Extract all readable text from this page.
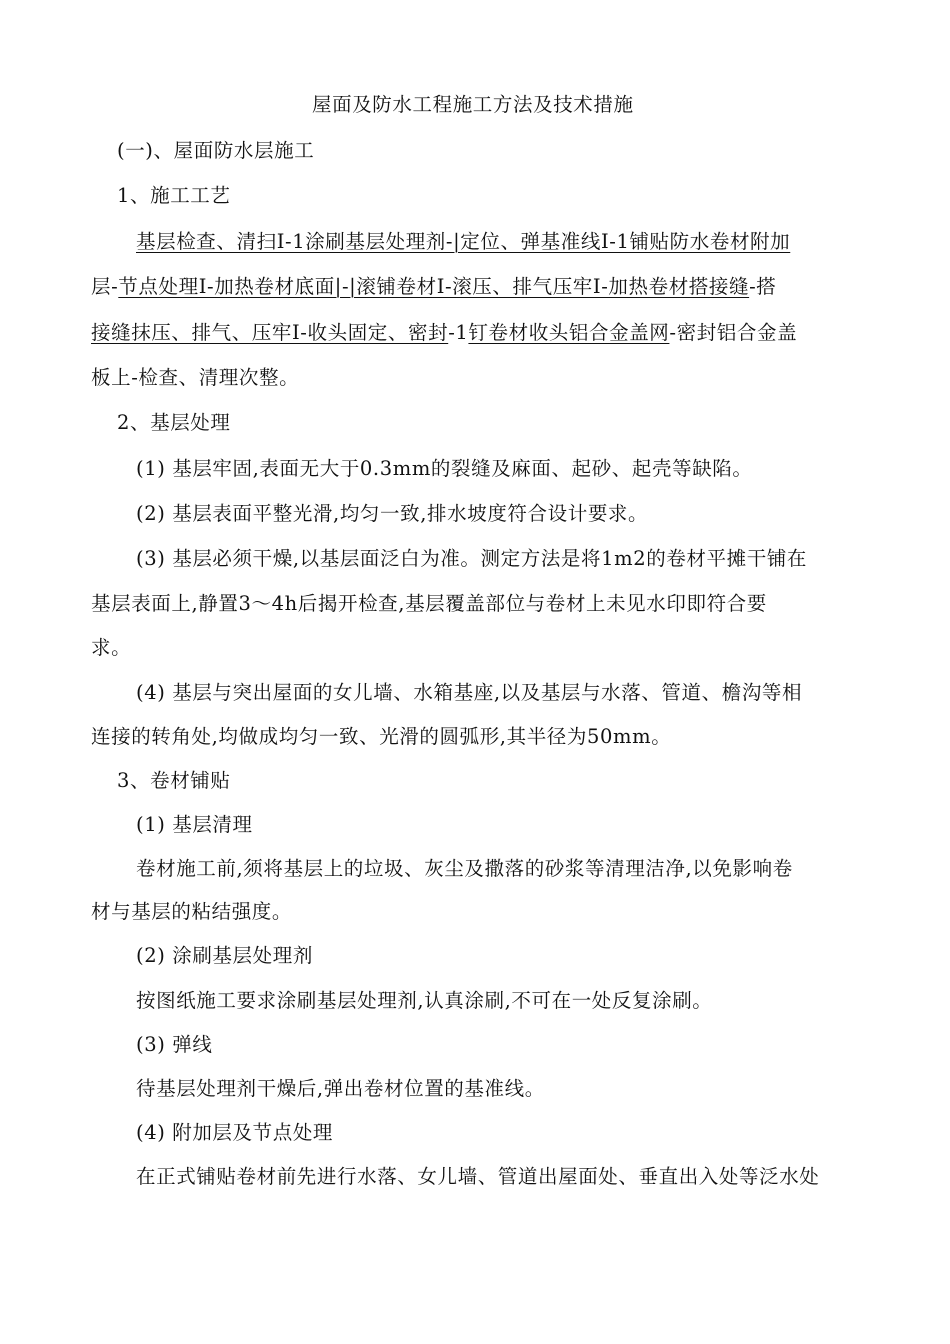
屋面及防水工程施工方法及技术措施

(一)、屋面防水层施工

1、施工工艺

基层检查、清扫I-1涂刷基层处理剂-|定位、弹基准线I-1铺贴防水卷材附加

层-节点处理I-加热卷材底面|-|滚铺卷材I-滚压、排气压牢I-加热卷材搭接缝-搭

接缝抹压、排气、压牢I-收头固定、密封-1钉卷材收头铝合金盖网-密封铝合金盖

板上-检查、清理次整。

2、基层处理

(1) 基层牢固,表面无大于0.3mm的裂缝及麻面、起砂、起壳等缺陷。

(2) 基层表面平整光滑,均匀一致,排水坡度符合设计要求。

(3) 基层必须干燥,以基层面泛白为准。测定方法是将1m2的卷材平摊干铺在

基层表面上,静置3〜4h后揭开检查,基层覆盖部位与卷材上未见水印即符合要

求。

(4) 基层与突出屋面的女儿墙、水箱基座,以及基层与水落、管道、檐沟等相

连接的转角处,均做成均匀一致、光滑的圆弧形,其半径为50mm。

3、卷材铺贴

(1) 基层清理

卷材施工前,须将基层上的垃圾、灰尘及撒落的砂浆等清理洁净,以免影响卷

材与基层的粘结强度。

(2) 涂刷基层处理剂

按图纸施工要求涂刷基层处理剂,认真涂刷,不可在一处反复涂刷。

(3) 弹线

待基层处理剂干燥后,弹出卷材位置的基准线。

(4) 附加层及节点处理

在正式铺贴卷材前先进行水落、女儿墙、管道出屋面处、垂直出入处等泛水处
